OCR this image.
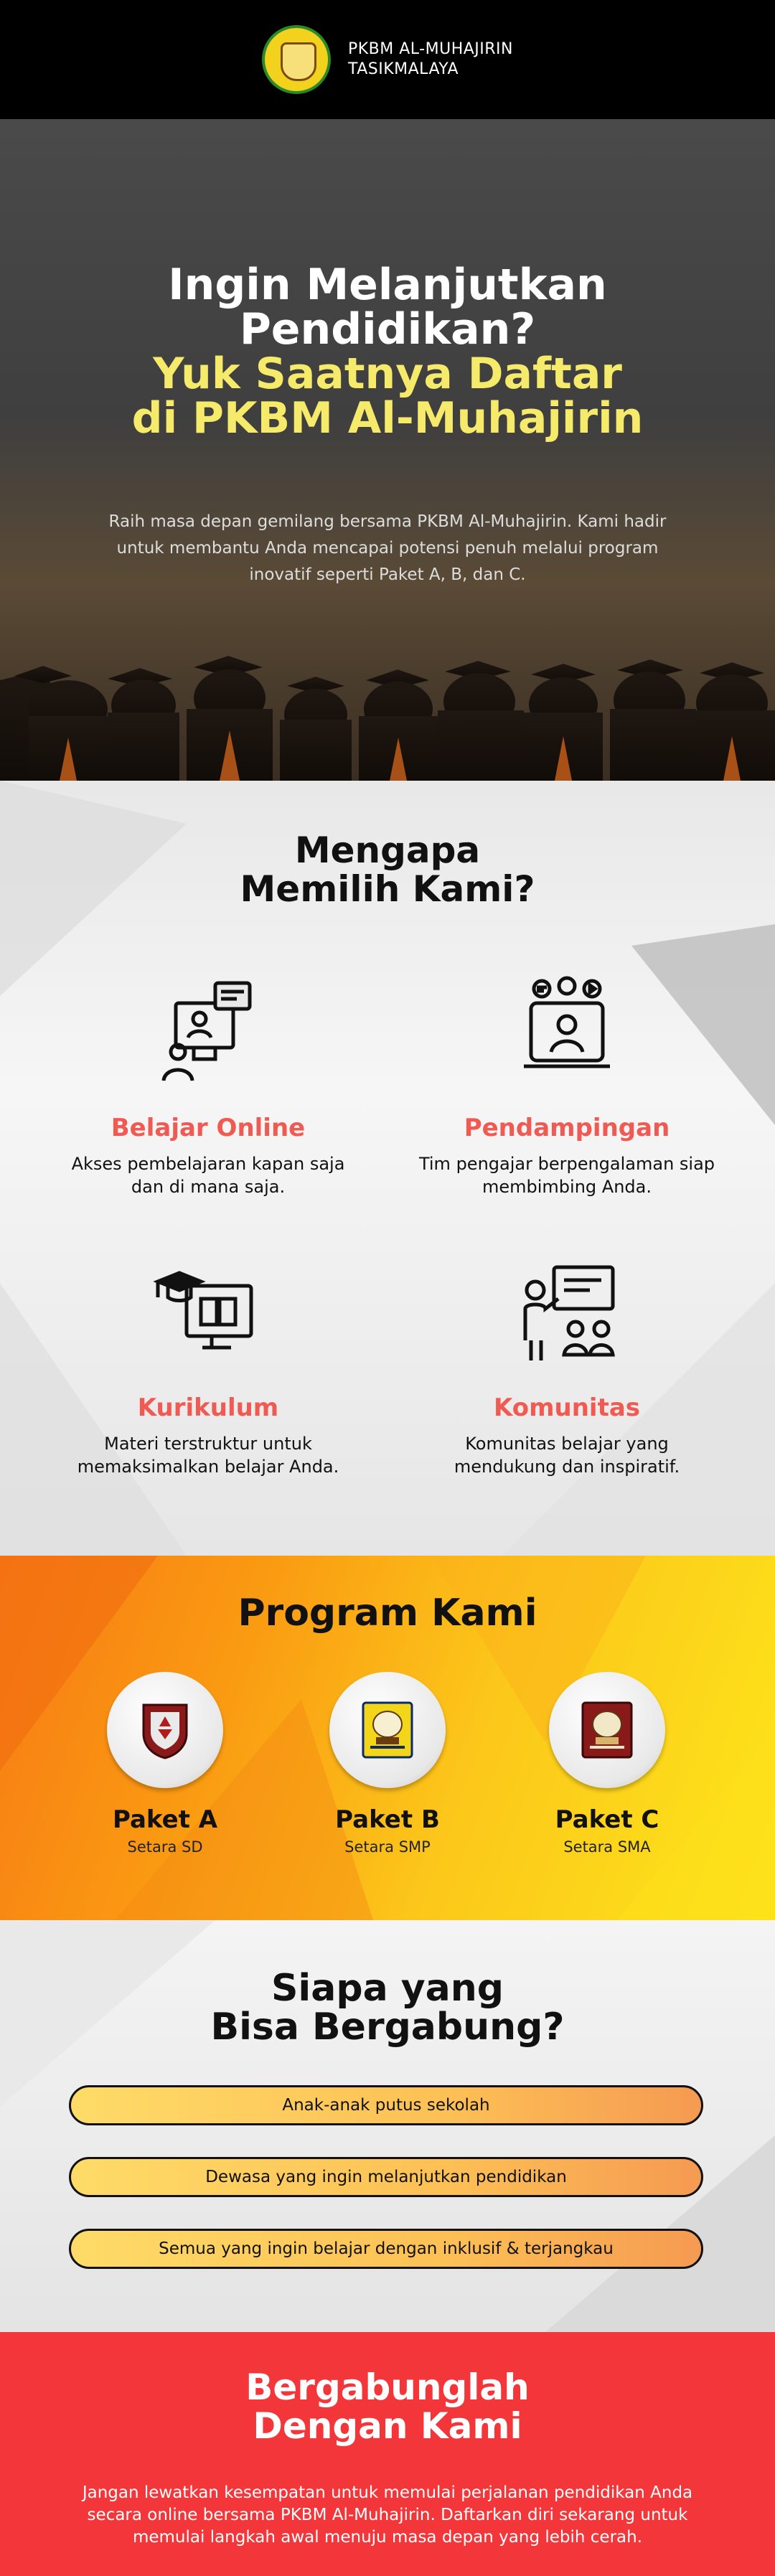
PKBM AL-MUHAJIRIN
TASIKMALAYA
Ingin Melanjutkan
Pendidikan?
Yuk Saatnya Daftar
di PKBM Al-Muhajirin

Raih masa depan gemilang bersama PKBM Al-Muhajirin. Kami hadir untuk membantu Anda mencapai potensi penuh melalui program inovatif seperti Paket A, B, dan C.

Mengapa
Memilih Kami?
Belajar Online
Akses pembelajaran kapan saja dan di mana saja.
Pendampingan
Tim pengajar berpengalaman siap membimbing Anda.
Kurikulum
Materi terstruktur untuk memaksimalkan belajar Anda.
Komunitas
Komunitas belajar yang mendukung dan inspiratif.
Program Kami
Paket A
Setara SD
Paket B
Setara SMP
Paket C
Setara SMA
Siapa yang
Bisa Bergabung?
Anak-anak putus sekolah
Dewasa yang ingin melanjutkan pendidikan
Semua yang ingin belajar dengan inklusif & terjangkau
Bergabunglah
Dengan Kami

Jangan lewatkan kesempatan untuk memulai perjalanan pendidikan Anda secara online bersama PKBM Al-Muhajirin. Daftarkan diri sekarang untuk memulai langkah awal menuju masa depan yang lebih cerah.
